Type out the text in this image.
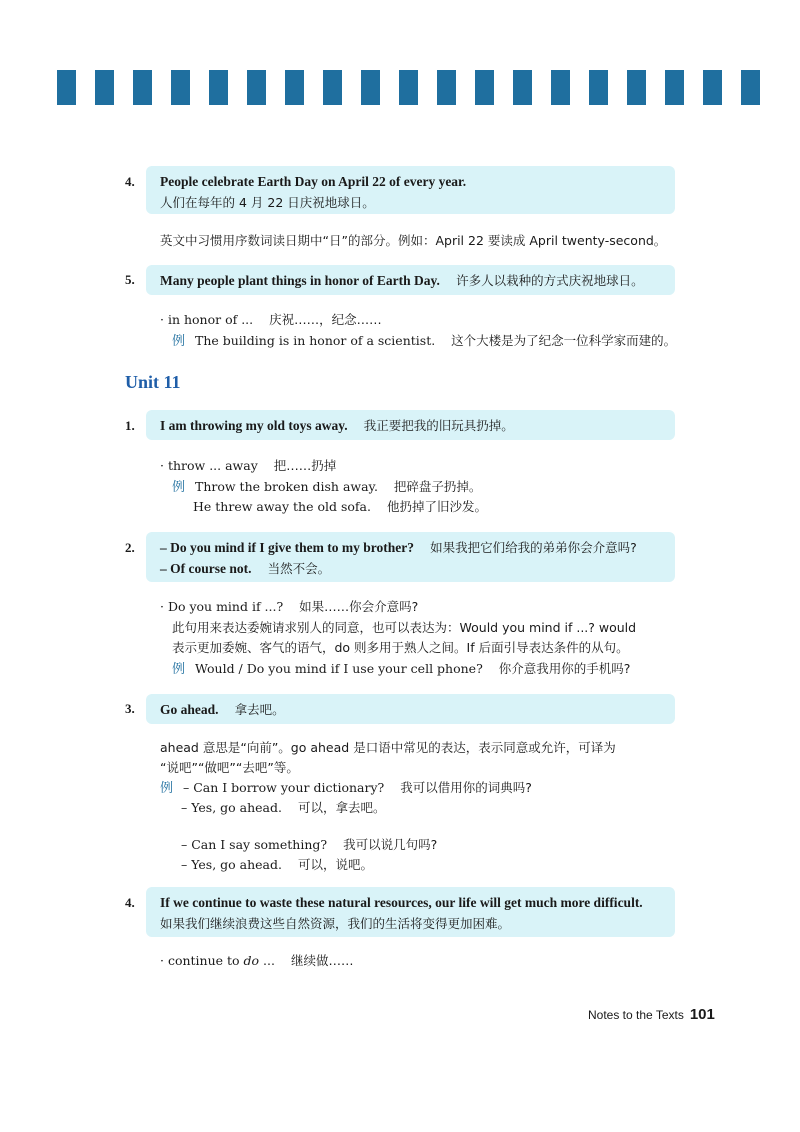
4. People celebrate Earth Day on April 22 of every year.
人们在每年的 4 月 22 日庆祝地球日。
英文中习惯用序数词读日期中“日”的部分。例如：April 22 要读成 April twenty-second。
5.	Many people plant things in honor of Earth Day. 许多人以栽种的方式庆祝地球日。
· in honor of ... 庆祝……，纪念……
例 The building is in honor of a scientist. 这个大楼是为了纪念一位科学家而建的。
Unit 11
1.	I am throwing my old toys away. 我正要把我的旧玩具扔掉。
· throw ... away 把……扔掉
例 Throw the broken dish away. 把碎盘子扔掉。
He threw away the old sofa. 他扔掉了旧沙发。
2. – Do you mind if I give them to my brother? 如果我把它们给我的弟弟你会介意吗?
– Of course not. 当然不会。
· Do you mind if ...? 如果……你会介意吗?
此句用来表达委婉请求别人的同意，也可以表达为：Would you mind if ...? would
表示更加委婉、客气的语气，do 则多用于熟人之间。If 后面引导表达条件的从句。
例 Would / Do you mind if I use your cell phone? 你介意我用你的手机吗?
3.	Go ahead. 拿去吧。
ahead 意思是“向前”。go ahead 是口语中常见的表达，表示同意或允许，可译为
“说吧”“做吧”“去吧”等。
例 – Can I borrow your dictionary? 我可以借用你的词典吗?
– Yes, go ahead. 可以，拿去吧。
– Can I say something? 我可以说几句吗?
– Yes, go ahead. 可以，说吧。
4. If we continue to waste these natural resources, our life will get much more difficult.
如果我们继续浪费这些自然资源，我们的生活将变得更加困难。
· continue to do ... 继续做……
Notes to the Texts 101
